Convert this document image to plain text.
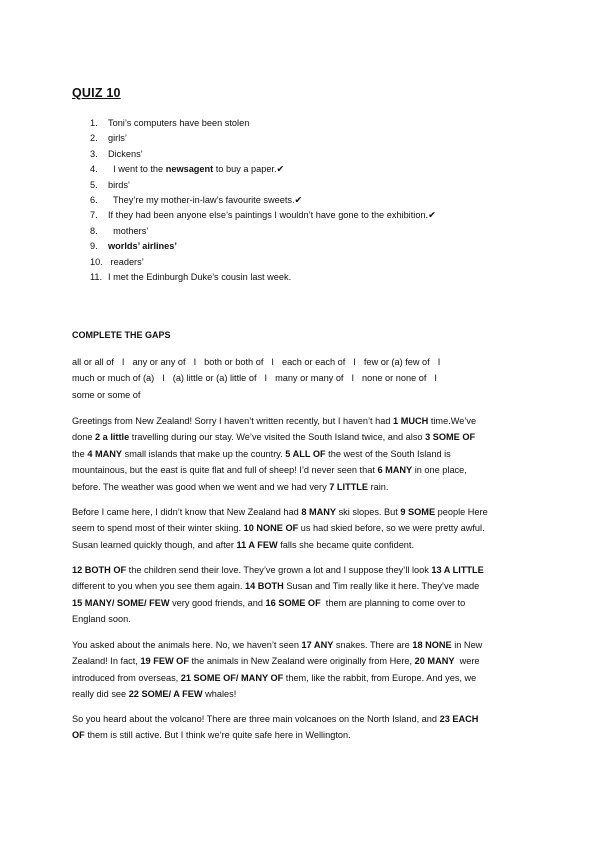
QUIZ 10
1. Toni’s computers have been stolen
2. girls’
3. Dickens’
4.  I went to the newsagent to buy a paper.✔
5. birds’
6.  They’re my mother-in-law’s favourite sweets.✔
7. If they had been anyone else’s paintings I wouldn’t have gone to the exhibition.✔
8.  mothers’
9. worlds’ airlines’
10. readers’
11. I met the Edinburgh Duke’s cousin last week.
COMPLETE THE GAPS

all or all of I any or any of I both or both of I each or each of I few or (a) few of I
much or much of (a) I (a) little or (a) little of I many or many of I none or none of I
some or some of

Greetings from New Zealand! Sorry I haven’t written recently, but I haven’t had 1 MUCH time.We’ve
done 2 a little travelling during our stay. We’ve visited the South Island twice, and also 3 SOME OF
the 4 MANY small islands that make up the country. 5 ALL OF the west of the South Island is
mountainous, but the east is quite flat and full of sheep! I’d never seen that 6 MANY in one place,
before. The weather was good when we went and we had very 7 LITTLE rain.

Before I came here, I didn’t know that New Zealand had 8 MANY ski slopes. But 9 SOME people Here
seem to spend most of their winter skiing. 10 NONE OF us had skied before, so we were pretty awful.
Susan learned quickly though, and after 11 A FEW falls she became quite confident.

12 BOTH OF the children send their love. They’ve grown a lot and I suppose they’ll look 13 A LITTLE
different to you when you see them again. 14 BOTH Susan and Tim really like it here. They’ve made
15 MANY/ SOME/ FEW very good friends, and 16 SOME OF  them are planning to come over to
England soon.

You asked about the animals here. No, we haven’t seen 17 ANY snakes. There are 18 NONE in New
Zealand! In fact, 19 FEW OF the animals in New Zealand were originally from Here, 20 MANY  were
introduced from overseas, 21 SOME OF/ MANY OF them, like the rabbit, from Europe. And yes, we
really did see 22 SOME/ A FEW whales!

So you heard about the volcano! There are three main volcanoes on the North Island, and 23 EACH
OF them is still active. But I think we’re quite safe here in Wellington.
